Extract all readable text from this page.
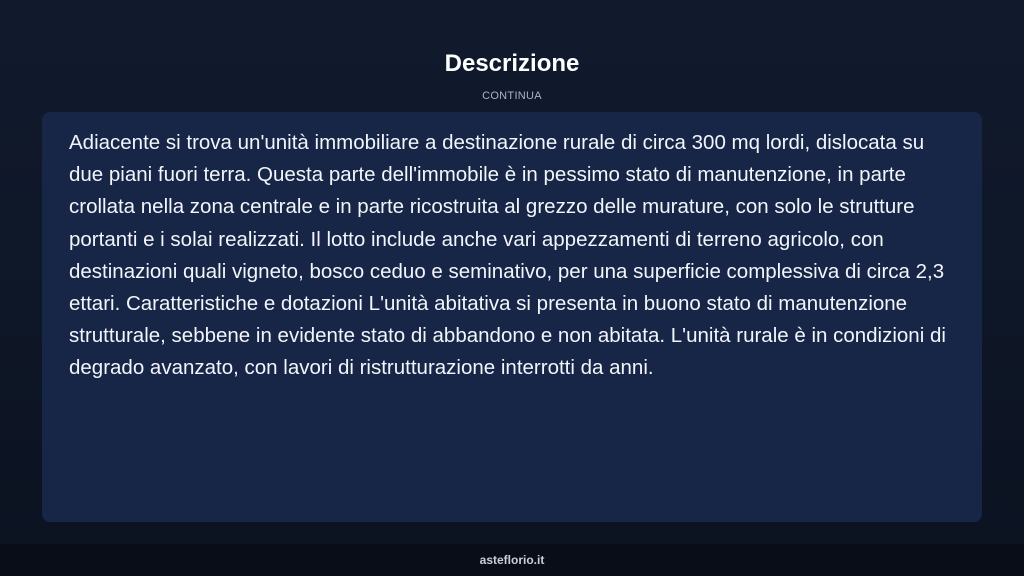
Descrizione
CONTINUA

Adiacente si trova un'unità immobiliare a destinazione rurale di circa 300 mq lordi, dislocata su due piani fuori terra. Questa parte dell'immobile è in pessimo stato di manutenzione, in parte crollata nella zona centrale e in parte ricostruita al grezzo delle murature, con solo le strutture portanti e i solai realizzati. Il lotto include anche vari appezzamenti di terreno agricolo, con destinazioni quali vigneto, bosco ceduo e seminativo, per una superficie complessiva di circa 2,3 ettari. Caratteristiche e dotazioni L'unità abitativa si presenta in buono stato di manutenzione strutturale, sebbene in evidente stato di abbandono e non abitata. L'unità rurale è in condizioni di degrado avanzato, con lavori di ristrutturazione interrotti da anni.

asteflorio.it
